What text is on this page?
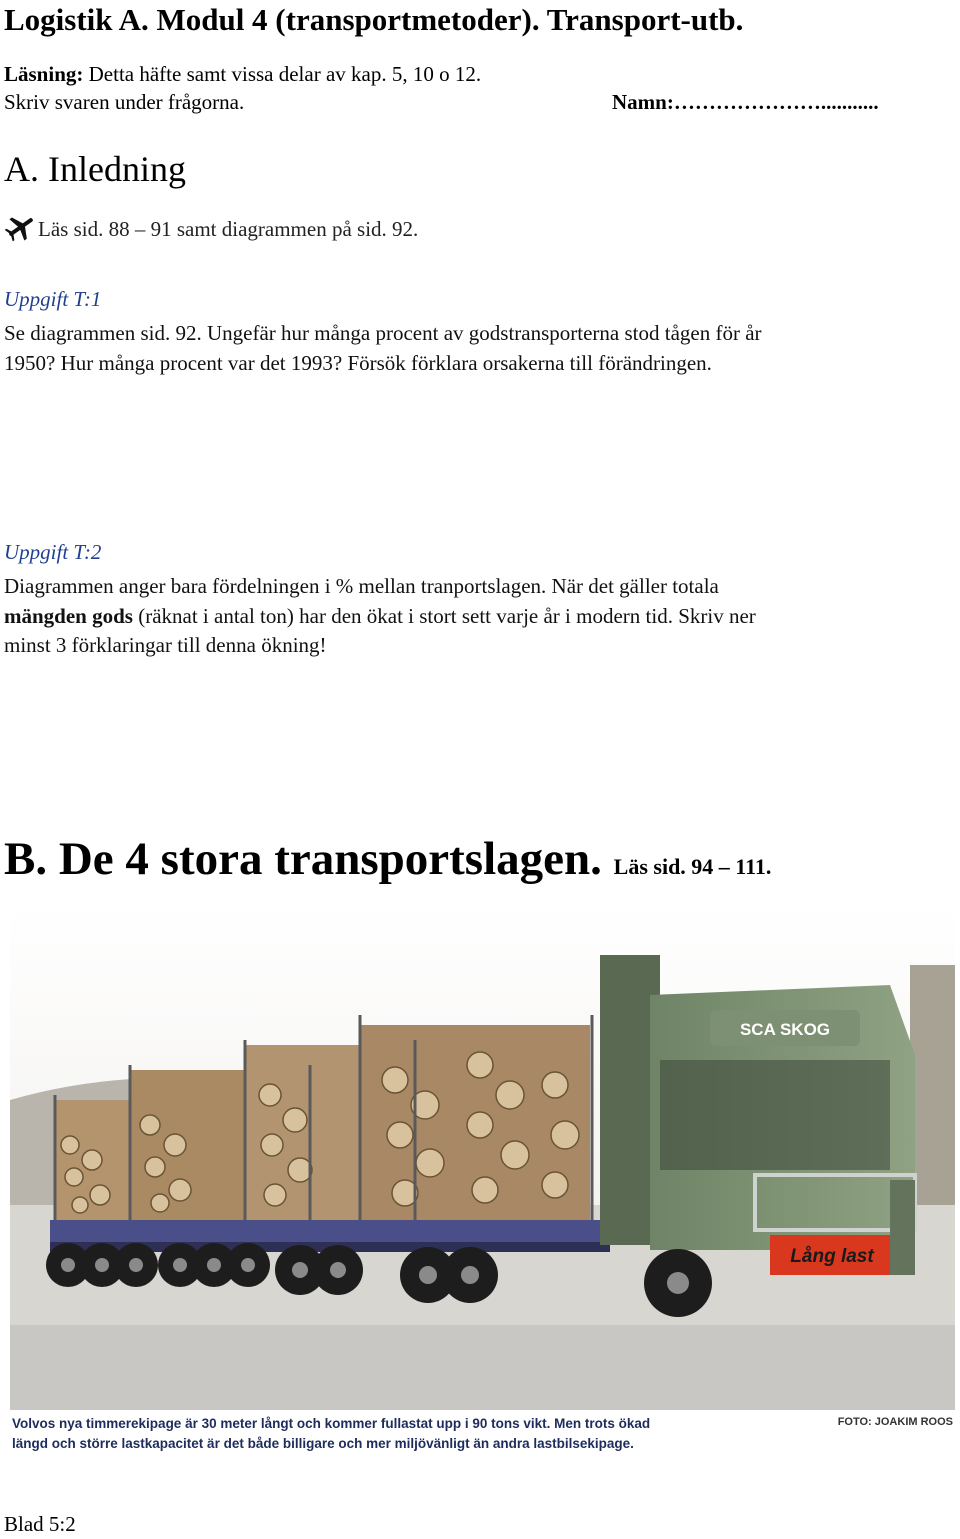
Logistik A. Modul 4 (transportmetoder). Transport-utb.
Läsning: Detta häfte samt vissa delar av kap. 5, 10 o 12.
Skriv svaren under frågorna.	Namn:…………………...........
A. Inledning
Läs sid. 88 – 91 samt diagrammen på sid. 92.
Uppgift T:1
Se diagrammen sid. 92. Ungefär hur många procent av godstransporterna stod tågen för år
1950? Hur många procent var det 1993? Försök förklara orsakerna till förändringen.
Uppgift T:2
Diagrammen anger bara fördelningen i % mellan tranportslagen. När det gäller totala
mängden gods (räknat i antal ton) har den ökat i stort sett varje år i modern tid. Skriv ner
minst 3 förklaringar till denna ökning!
B. De 4 stora transportslagen. Läs sid. 94 – 111.
SCA SKOG
Lång last
Volvos nya timmerekipage är 30 meter långt och kommer fullastat upp i 90 tons vikt. Men trots ökad
längd och större lastkapacitet är det både billigare och mer miljövänligt än andra lastbilsekipage.
FOTO: JOAKIM ROOS
Blad 5:2
